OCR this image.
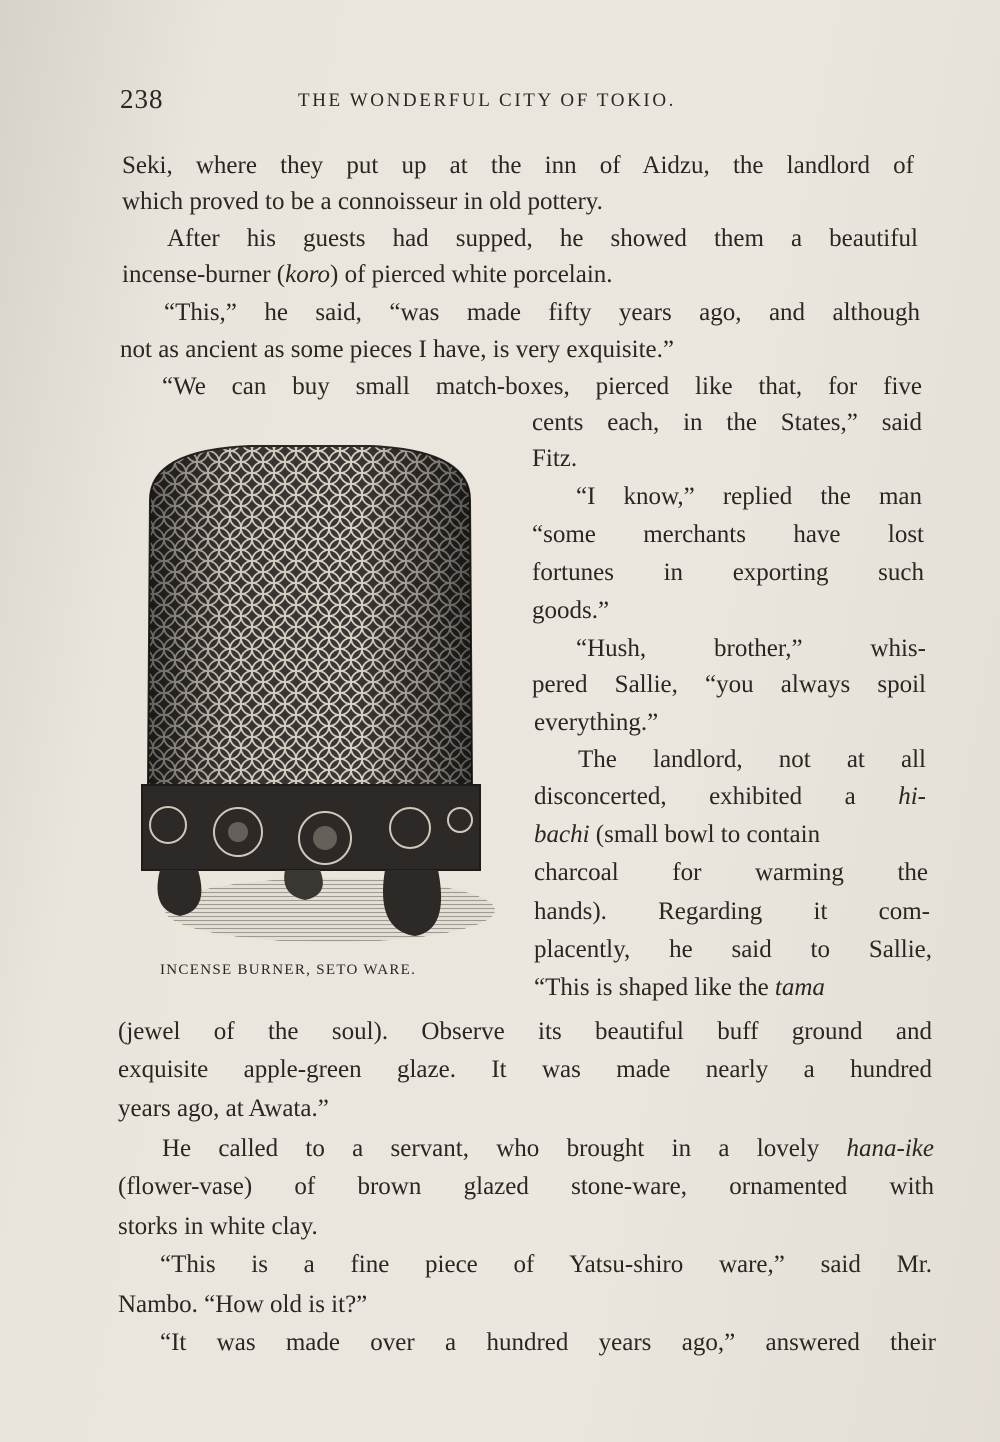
238	THE WONDERFUL CITY OF TOKIO.
Seki, where they put up at the inn of Aidzu, the landlord of
which proved to be a connoisseur in old pottery.
After his guests had supped, he showed them a beautiful
incense-burner (koro) of pierced white porcelain.
“This,” he said, “was made fifty years ago, and although
not as ancient as some pieces I have, is very exquisite.”
“We can buy small match-boxes, pierced like that, for five
cents each, in the States,” said
Fitz.
“I know,” replied the man
“some merchants have lost
fortunes in exporting such
goods.”
“Hush, brother,” whis-
pered Sallie, “you always spoil
everything.”
The landlord, not at all
disconcerted, exhibited a hi-
bachi (small bowl to contain
charcoal for warming the
hands). Regarding it com-
placently, he said to Sallie,
“This is shaped like the tama
(jewel of the soul). Observe its beautiful buff ground and
exquisite apple-green glaze. It was made nearly a hundred
years ago, at Awata.”
He called to a servant, who brought in a lovely hana-ike
(flower-vase) of brown glazed stone-ware, ornamented with
storks in white clay.
“This is a fine piece of Yatsu-shiro ware,” said Mr.
Nambo. “How old is it?”
“It was made over a hundred years ago,” answered their
INCENSE BURNER, SETO WARE.
